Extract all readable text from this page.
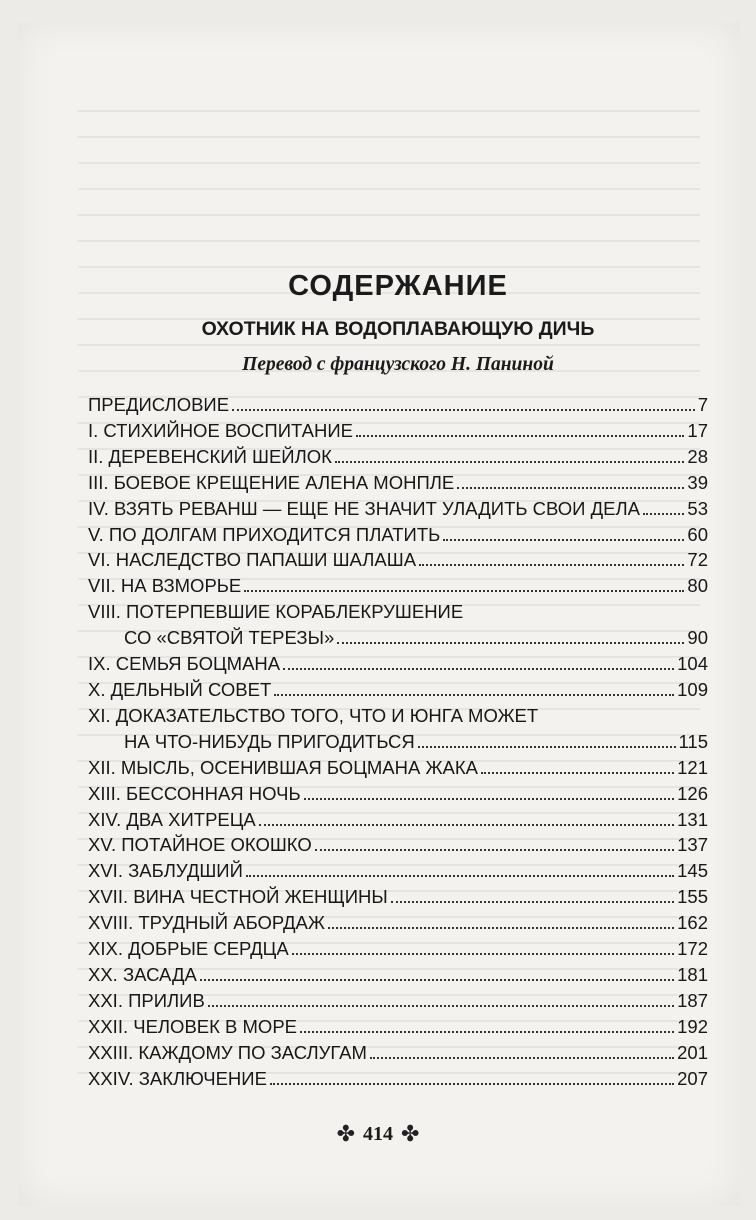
СОДЕРЖАНИЕ
ОХОТНИК НА ВОДОПЛАВАЮЩУЮ ДИЧЬ
Перевод с французского Н. Паниной
ПРЕДИСЛОВИЕ	7
I. СТИХИЙНОЕ ВОСПИТАНИЕ	17
II. ДЕРЕВЕНСКИЙ ШЕЙЛОК	28
III. БОЕВОЕ КРЕЩЕНИЕ АЛЕНА МОНПЛЕ	39
IV. ВЗЯТЬ РЕВАНШ — ЕЩЕ НЕ ЗНАЧИТ УЛАДИТЬ СВОИ ДЕЛА	53
V. ПО ДОЛГАМ ПРИХОДИТСЯ ПЛАТИТЬ	60
VI. НАСЛЕДСТВО ПАПАШИ ШАЛАША	72
VII. НА ВЗМОРЬЕ	80
VIII. ПОТЕРПЕВШИЕ КОРАБЛЕКРУШЕНИЕ
СО «СВЯТОЙ ТЕРЕЗЫ»	90
IX. СЕМЬЯ БОЦМАНА	104
X. ДЕЛЬНЫЙ СОВЕТ	109
XI. ДОКАЗАТЕЛЬСТВО ТОГО, ЧТО И ЮНГА МОЖЕТ
НА ЧТО-НИБУДЬ ПРИГОДИТЬСЯ	115
XII. МЫСЛЬ, ОСЕНИВШАЯ БОЦМАНА ЖАКА	121
XIII. БЕССОННАЯ НОЧЬ	126
XIV. ДВА ХИТРЕЦА	131
XV. ПОТАЙНОЕ ОКОШКО	137
XVI. ЗАБЛУДШИЙ	145
XVII. ВИНА ЧЕСТНОЙ ЖЕНЩИНЫ	155
XVIII. ТРУДНЫЙ АБОРДАЖ	162
XIX. ДОБРЫЕ СЕРДЦА	172
XX. ЗАСАДА	181
XXI. ПРИЛИВ	187
XXII. ЧЕЛОВЕК В МОРЕ	192
XXIII. КАЖДОМУ ПО ЗАСЛУГАМ	201
XXIV. ЗАКЛЮЧЕНИЕ	207
✤ 414 ✤
